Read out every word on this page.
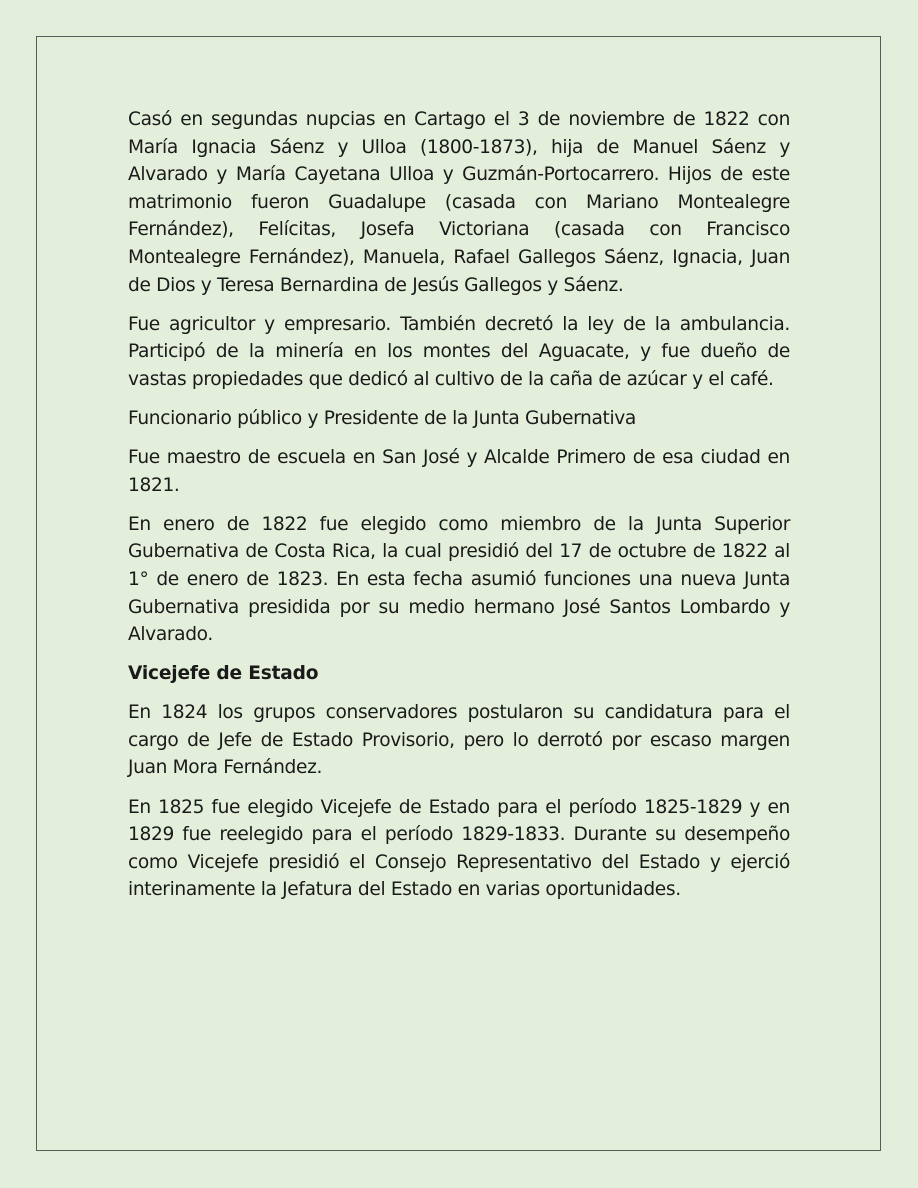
Casó en segundas nupcias en Cartago el 3 de noviembre de 1822 con María Ignacia Sáenz y Ulloa (1800-1873), hija de Manuel Sáenz y Alvarado y María Cayetana Ulloa y Guzmán-Portocarrero. Hijos de este matrimonio fueron Guadalupe (casada con Mariano Montealegre Fernández), Felícitas, Josefa Victoriana (casada con Francisco Montealegre Fernández), Manuela, Rafael Gallegos Sáenz, Ignacia, Juan de Dios y Teresa Bernardina de Jesús Gallegos y Sáenz.

Fue agricultor y empresario. También decretó la ley de la ambulancia. Participó de la minería en los montes del Aguacate, y fue dueño de vastas propiedades que dedicó al cultivo de la caña de azúcar y el café.

Funcionario público y Presidente de la Junta Gubernativa

Fue maestro de escuela en San José y Alcalde Primero de esa ciudad en 1821.

En enero de 1822 fue elegido como miembro de la Junta Superior Gubernativa de Costa Rica, la cual presidió del 17 de octubre de 1822 al 1° de enero de 1823. En esta fecha asumió funciones una nueva Junta Gubernativa presidida por su medio hermano José Santos Lombardo y Alvarado.

Vicejefe de Estado

En 1824 los grupos conservadores postularon su candidatura para el cargo de Jefe de Estado Provisorio, pero lo derrotó por escaso margen Juan Mora Fernández.

En 1825 fue elegido Vicejefe de Estado para el período 1825-1829 y en 1829 fue reelegido para el período 1829-1833. Durante su desempeño como Vicejefe presidió el Consejo Representativo del Estado y ejerció interinamente la Jefatura del Estado en varias oportunidades.
